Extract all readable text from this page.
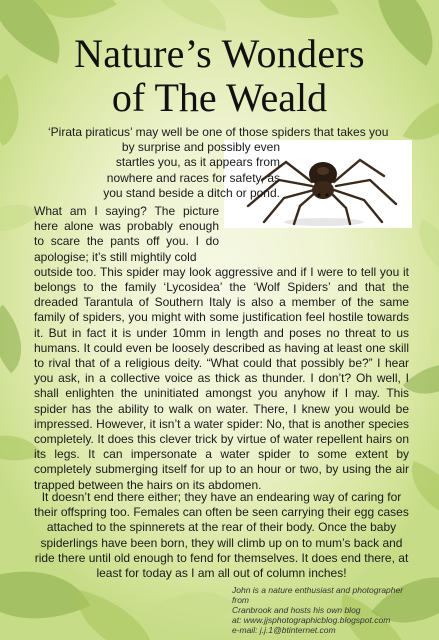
Nature’s Wonders
of The Weald
‘Pirata piraticus’ may well be one of those spiders that takes you
by surprise and possibly even startles you, as it appears from nowhere and races for safety, as you stand beside a ditch or pond.
What am I saying? The picture here alone was probably enough to scare the pants off you. I do apologise; it’s still mightily cold
outside too. This spider may look aggressive and if I were to tell you it belongs to the family ‘Lycosidea’ the ‘Wolf Spiders’ and that the dreaded Tarantula of Southern Italy is also a member of the same family of spiders, you might with some justification feel hostile towards it. But in fact it is under 10mm in length and poses no threat to us humans. It could even be loosely described as having at least one skill to rival that of a religious deity. “What could that possibly be?” I hear you ask, in a collective voice as thick as thunder. I don’t? Oh well, I shall enlighten the uninitiated amongst you anyhow if I may. This spider has the ability to walk on water. There, I knew you would be impressed. However, it isn’t a water spider: No, that is another species completely. It does this clever trick by virtue of water repellent hairs on its legs. It can impersonate a water spider to some extent by completely submerging itself for up to an hour or two, by using the air trapped between the hairs on its abdomen.
It doesn’t end there either; they have an endearing way of caring for their offspring too. Females can often be seen carrying their egg cases attached to the spinnerets at the rear of their body. Once the baby spiderlings have been born, they will climb up on to mum’s back and ride there until old enough to fend for themselves. It does end there, at least for today as I am all out of column inches!
John is a nature enthusiast and photographer from
Cranbrook and hosts his own blog
at: www.jjsphotographicblog.blogspot.com
e-mail: j.j.1@btinternet.com
